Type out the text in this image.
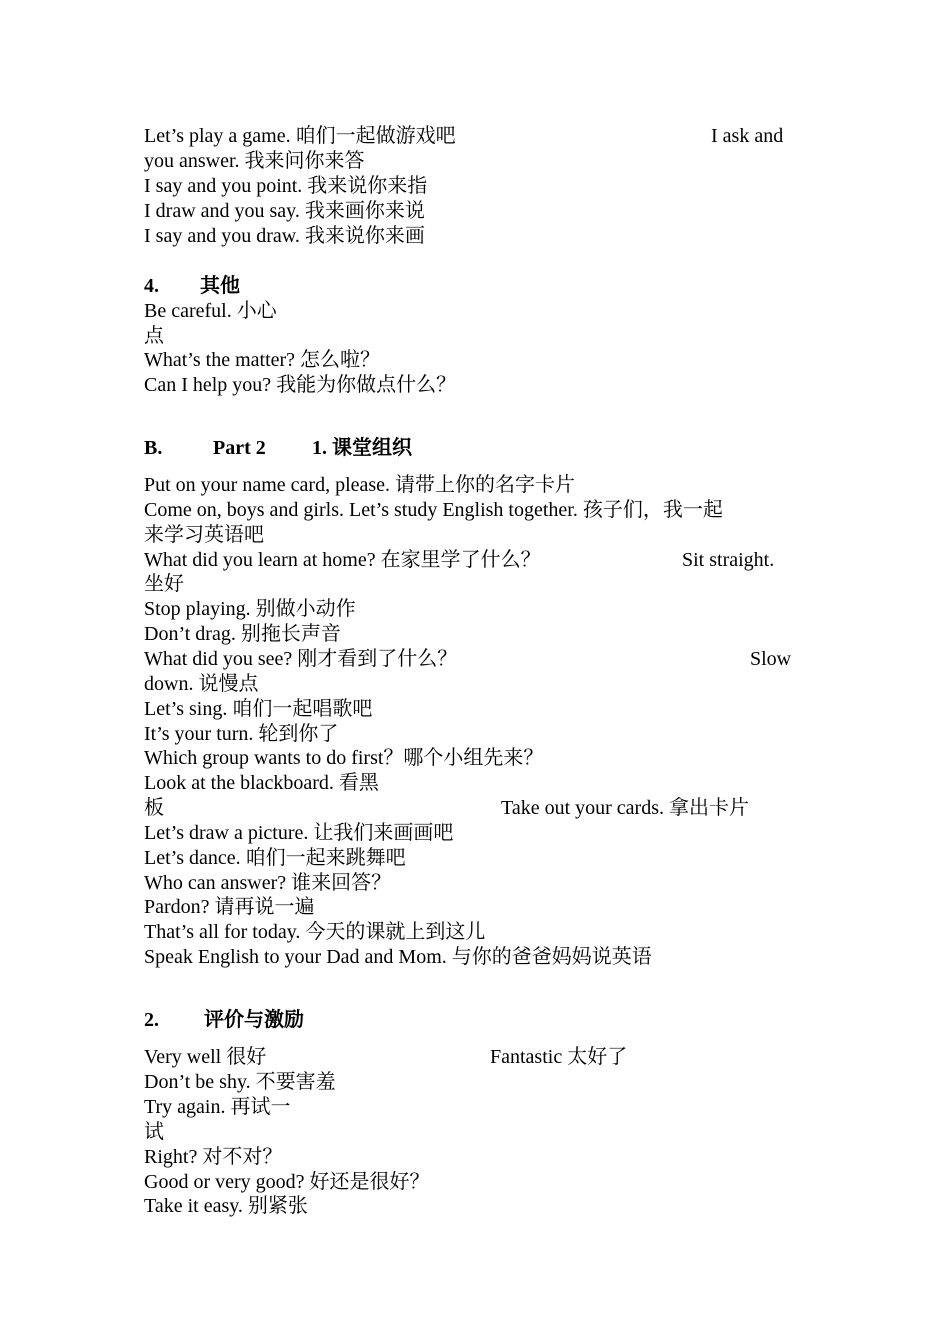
Let’s play a game. 咱们一起做游戏吧	I ask and
you answer. 我来问你来答
I say and you point. 我来说你来指
I draw and you say. 我来画你来说
I say and you draw. 我来说你来画
4. 其他
Be careful. 小心
点
What’s the matter? 怎么啦？
Can I help you? 我能为你做点什么？
B.	Part 2 1. 课堂组织
Put on your name card, please. 请带上你的名字卡片
Come on, boys and girls. Let’s study English together. 孩子们，我一起
来学习英语吧
What did you learn at home? 在家里学了什么？	Sit straight.
坐好
Stop playing. 别做小动作
Don’t drag. 别拖长声音
What did you see? 刚才看到了什么？	Slow
down. 说慢点
Let’s sing. 咱们一起唱歌吧
It’s your turn. 轮到你了
Which group wants to do first？哪个小组先来？
Look at the blackboard. 看黑
板	Take out your cards. 拿出卡片
Let’s draw a picture. 让我们来画画吧
Let’s dance. 咱们一起来跳舞吧
Who can answer? 谁来回答？
Pardon? 请再说一遍
That’s all for today. 今天的课就上到这儿
Speak English to your Dad and Mom. 与你的爸爸妈妈说英语
2. 评价与激励
Very well 很好	Fantastic 太好了
Don’t be shy. 不要害羞
Try again. 再试一
试
Right? 对不对？
Good or very good? 好还是很好？
Take it easy. 别紧张
